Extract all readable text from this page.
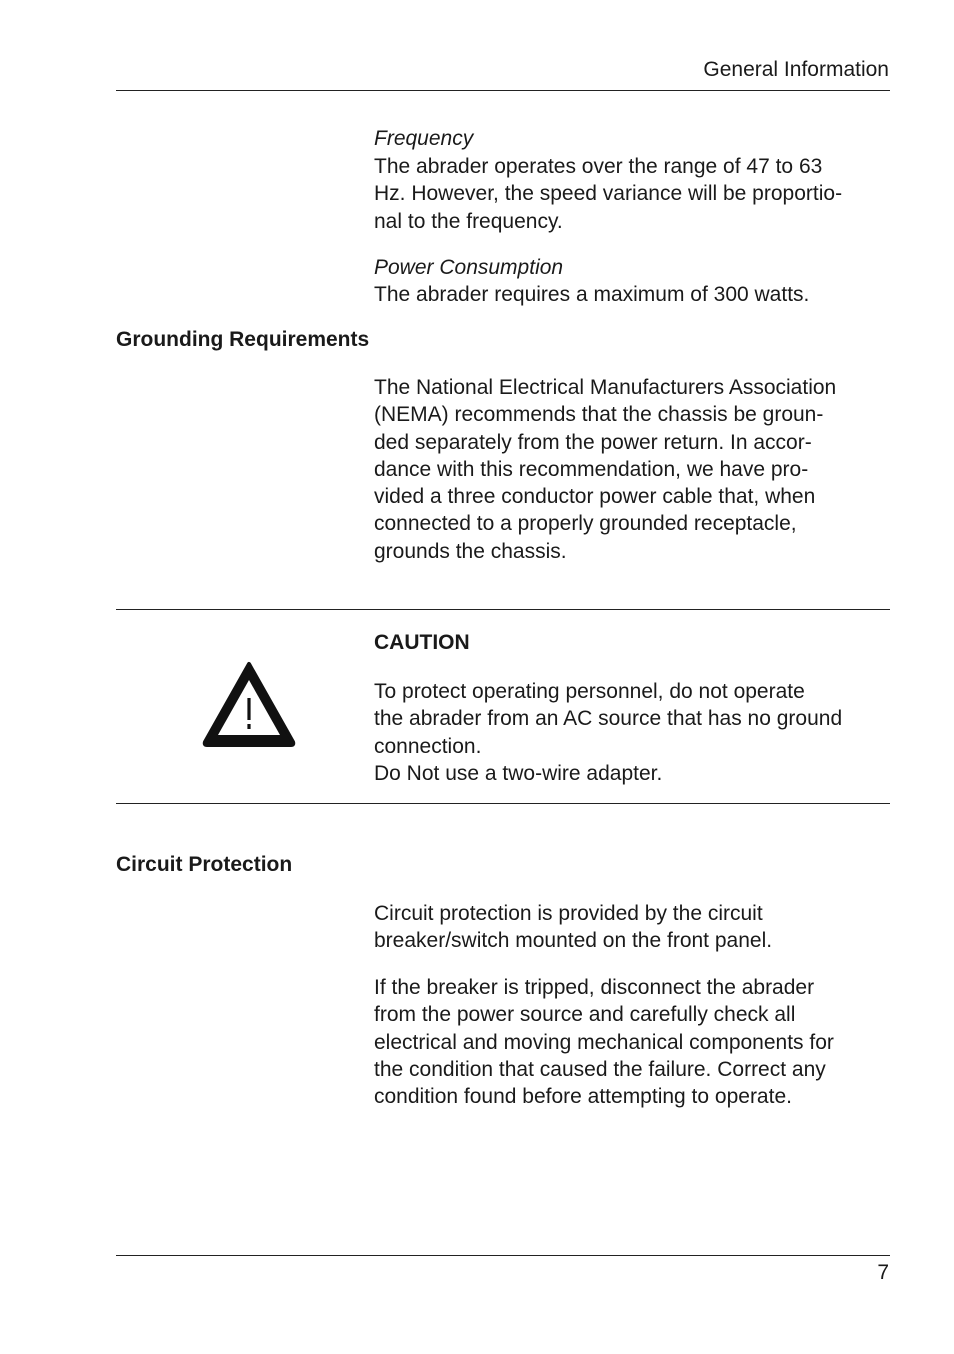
General Information
Frequency
The abrader operates over the range of 47 to 63
Hz. However, the speed variance will be proportio-
nal to the frequency.
Power Consumption
The abrader requires a maximum of 300 watts.
Grounding Requirements
The National Electrical Manufacturers Association
(NEMA) recommends that the chassis be groun-
ded separately from the power return. In accor-
dance with this recommendation, we have pro-
vided a three conductor power cable that, when
connected to a properly grounded receptacle,
grounds the chassis.
CAUTION
To protect operating personnel, do not operate
the abrader from an AC source that has no ground
connection.
Do Not use a two-wire adapter.
Circuit Protection
Circuit protection is provided by the circuit
breaker/switch mounted on the front panel.
If the breaker is tripped, disconnect the abrader
from the power source and carefully check all
electrical and moving mechanical components for
the condition that caused the failure. Correct any
condition found before attempting to operate.
7
